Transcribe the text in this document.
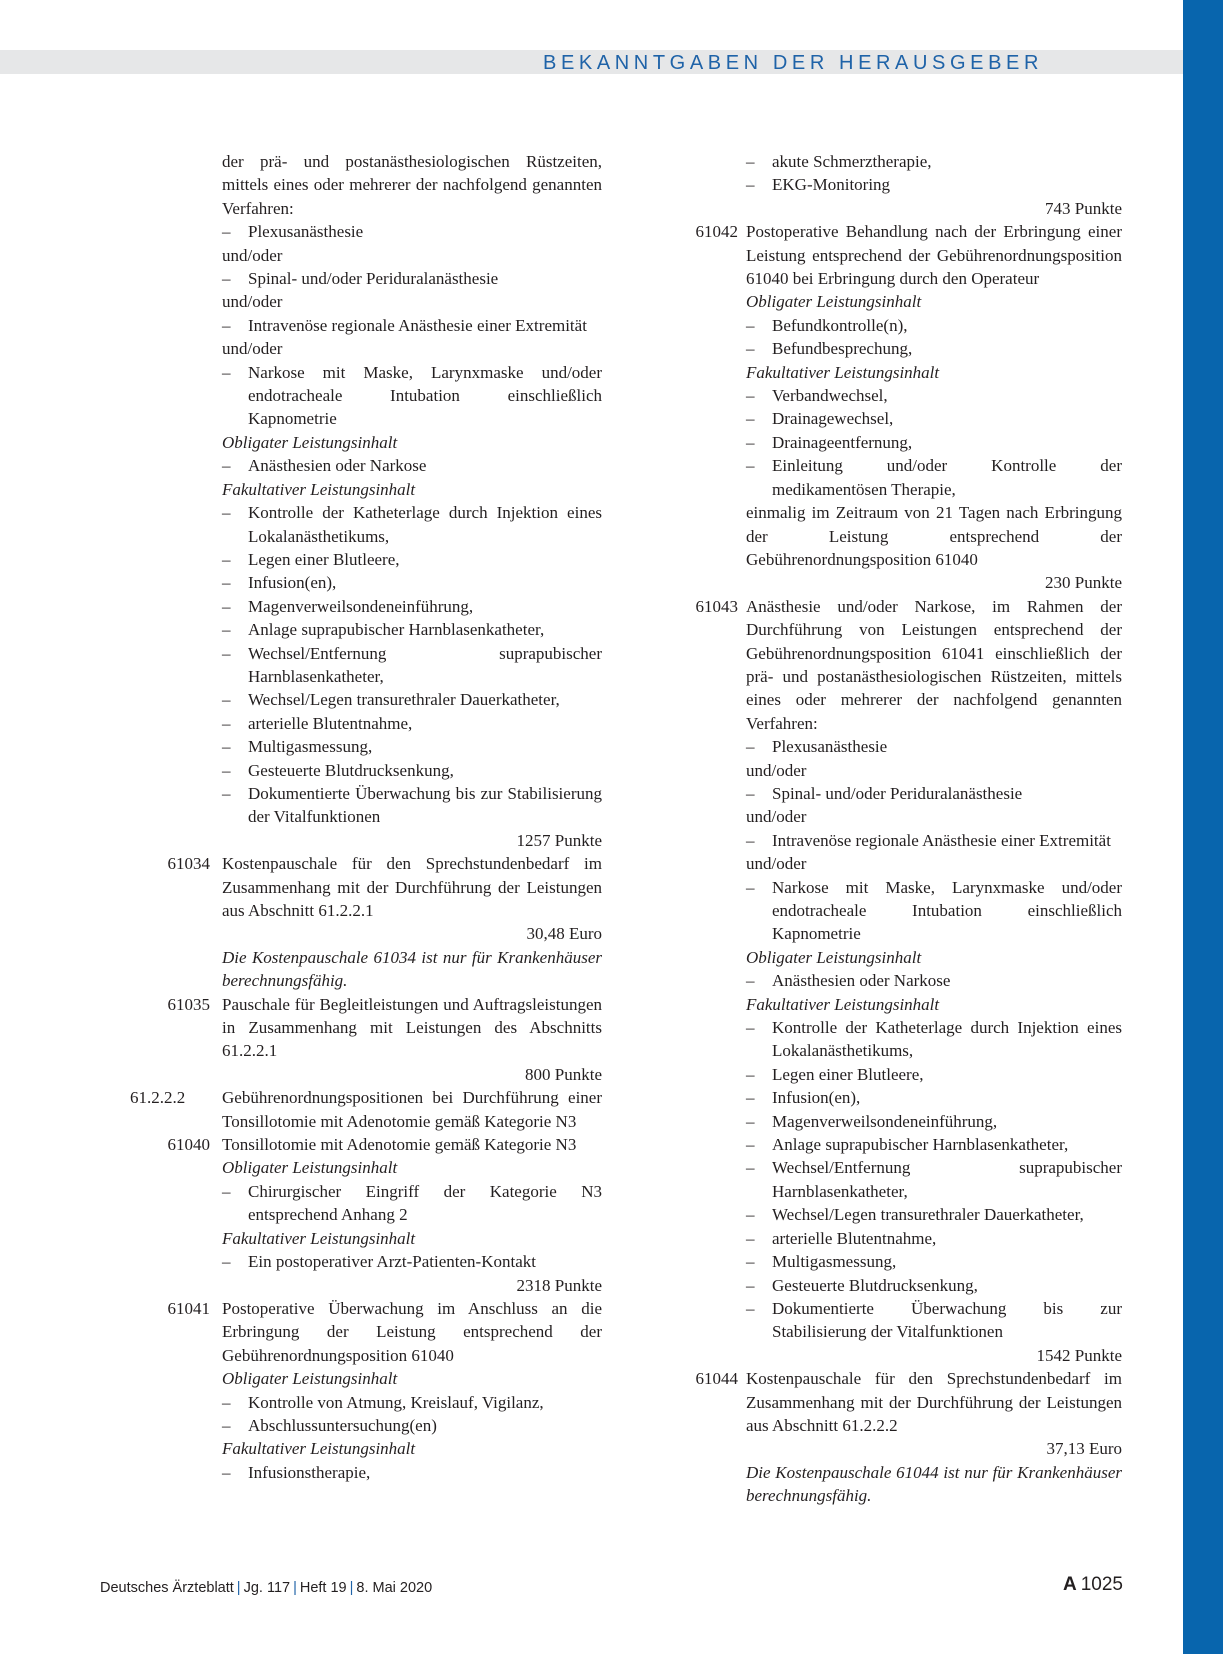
BEKANNTGABEN DER HERAUSGEBER
der prä- und postanästhesiologischen Rüstzeiten, mittels eines oder mehrerer der nachfolgend genannten Verfahren:
– Plexusanästhesie
und/oder
– Spinal- und/oder Periduralanästhesie
und/oder
– Intravenöse regionale Anästhesie einer Extremität
und/oder
– Narkose mit Maske, Larynxmaske und/oder endotracheale Intubation einschließlich Kapnometrie
Obligater Leistungsinhalt
– Anästhesien oder Narkose
Fakultativer Leistungsinhalt
– Kontrolle der Katheterlage durch Injektion eines Lokalanästhetikums,
– Legen einer Blutleere,
– Infusion(en),
– Magenverweilsondeneinführung,
– Anlage suprapubischer Harnblasenkatheter,
– Wechsel/Entfernung suprapubischer Harnblasenkatheter,
– Wechsel/Legen transurethraler Dauerkatheter,
– arterielle Blutentnahme,
– Multigasmessung,
– Gesteuerte Blutdrucksenkung,
– Dokumentierte Überwachung bis zur Stabilisierung der Vitalfunktionen
1257 Punkte
61034 Kostenpauschale für den Sprechstundenbedarf im Zusammenhang mit der Durchführung der Leistungen aus Abschnitt 61.2.2.1
30,48 Euro
Die Kostenpauschale 61034 ist nur für Krankenhäuser berechnungsfähig.
61035 Pauschale für Begleitleistungen und Auftragsleistungen in Zusammenhang mit Leistungen des Abschnitts 61.2.2.1
800 Punkte
61.2.2.2	Gebührenordnungspositionen bei Durchführung einer Tonsillotomie mit Adenotomie gemäß Kategorie N3
61040 Tonsillotomie mit Adenotomie gemäß Kategorie N3
Obligater Leistungsinhalt
– Chirurgischer Eingriff der Kategorie N3 entsprechend Anhang 2
Fakultativer Leistungsinhalt
– Ein postoperativer Arzt-Patienten-Kontakt
2318 Punkte
61041 Postoperative Überwachung im Anschluss an die Erbringung der Leistung entsprechend der Gebührenordnungsposition 61040
Obligater Leistungsinhalt
– Kontrolle von Atmung, Kreislauf, Vigilanz,
– Abschlussuntersuchung(en)
Fakultativer Leistungsinhalt
– Infusionstherapie,
– akute Schmerztherapie,
– EKG-Monitoring
743 Punkte
61042 Postoperative Behandlung nach der Erbringung einer Leistung entsprechend der Gebührenordnungsposition 61040 bei Erbringung durch den Operateur
Obligater Leistungsinhalt
– Befundkontrolle(n),
– Befundbesprechung,
Fakultativer Leistungsinhalt
– Verbandwechsel,
– Drainagewechsel,
– Drainageentfernung,
– Einleitung und/oder Kontrolle der medikamentösen Therapie,
einmalig im Zeitraum von 21 Tagen nach Erbringung der Leistung entsprechend der Gebührenordnungsposition 61040
230 Punkte
61043 Anästhesie und/oder Narkose, im Rahmen der Durchführung von Leistungen entsprechend der Gebührenordnungsposition 61041 einschließlich der prä- und postanästhesiologischen Rüstzeiten, mittels eines oder mehrerer der nachfolgend genannten Verfahren:
– Plexusanästhesie
und/oder
– Spinal- und/oder Periduralanästhesie
und/oder
– Intravenöse regionale Anästhesie einer Extremität
und/oder
– Narkose mit Maske, Larynxmaske und/oder endotracheale Intubation einschließlich Kapnometrie
Obligater Leistungsinhalt
– Anästhesien oder Narkose
Fakultativer Leistungsinhalt
– Kontrolle der Katheterlage durch Injektion eines Lokalanästhetikums,
– Legen einer Blutleere,
– Infusion(en),
– Magenverweilsondeneinführung,
– Anlage suprapubischer Harnblasenkatheter,
– Wechsel/Entfernung suprapubischer Harnblasenkatheter,
– Wechsel/Legen transurethraler Dauerkatheter,
– arterielle Blutentnahme,
– Multigasmessung,
– Gesteuerte Blutdrucksenkung,
– Dokumentierte Überwachung bis zur Stabilisierung der Vitalfunktionen
1542 Punkte
61044 Kostenpauschale für den Sprechstundenbedarf im Zusammenhang mit der Durchführung der Leistungen aus Abschnitt 61.2.2.2
37,13 Euro
Die Kostenpauschale 61044 ist nur für Krankenhäuser berechnungsfähig.
Deutsches Ärzteblatt | Jg. 117 | Heft 19 | 8. Mai 2020	A 1025
